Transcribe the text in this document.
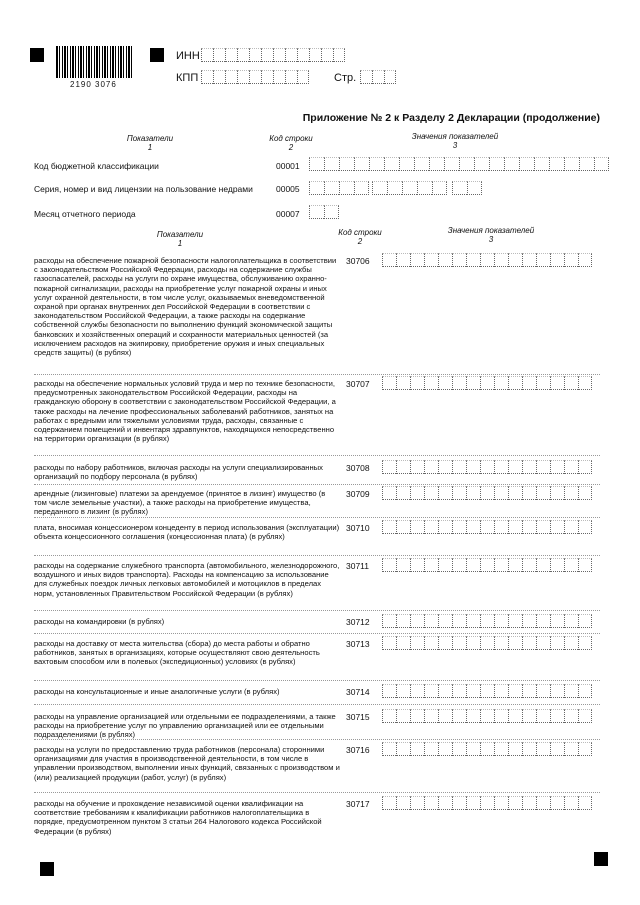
2190 3076
ИНН
КПП	Стр.
Приложение № 2 к Разделу 2 Декларации (продолжение)
Показатели
1
Код строки
2
Значения показателей
3
Код бюджетной классификации	00001
Серия, номер и вид лицензии на пользование недрами	00005
Месяц отчетного периода	00007
Показатели
1
Код строки
2
Значения показателей
3
расходы на обеспечение пожарной безопасности налогоплательщика в соответствии с законодательством Российской Федерации, расходы на содержание службы газоспасателей, расходы на услуги по охране имущества, обслуживанию охранно-пожарной сигнализации, расходы на приобретение услуг пожарной охраны и иных услуг охранной деятельности, в том числе услуг, оказываемых вневедомственной охраной при органах внутренних дел Российской Федерации в соответствии с законодательством Российской Федерации, а также расходы на содержание собственной службы безопасности по выполнению функций экономической защиты банковских и хозяйственных операций и сохранности материальных ценностей (за исключением расходов на экипировку, приобретение оружия и иных специальных средств защиты) (в рублях)
30706
расходы на обеспечение нормальных условий труда и мер по технике безопасности, предусмотренных законодательством Российской Федерации, расходы на гражданскую оборону в соответствии с законодательством Российской Федерации, а также расходы на лечение профессиональных заболеваний работников, занятых на работах с вредными или тяжелыми условиями труда, расходы, связанные с содержанием помещений и инвентаря здравпунктов, находящихся непосредственно на территории организации (в рублях)
30707
расходы по набору работников, включая расходы на услуги специализированных организаций по подбору персонала (в рублях)
30708
арендные (лизинговые) платежи за арендуемое (принятое в лизинг) имущество (в том числе земельные участки), а также расходы на приобретение имущества, переданного в лизинг (в рублях)
30709
плата, вносимая концессионером концеденту в период использования (эксплуатации) объекта концессионного соглашения (концессионная плата) (в рублях)
30710
расходы на содержание служебного транспорта (автомобильного, железнодорожного, воздушного и иных видов транспорта). Расходы на компенсацию за использование для служебных поездок личных легковых автомобилей и мотоциклов в пределах норм, установленных Правительством Российской Федерации (в рублях)
30711
расходы на командировки (в рублях)	30712
расходы на доставку от места жительства (сбора) до места работы и обратно работников, занятых в организациях, которые осуществляют свою деятельность вахтовым способом или в полевых (экспедиционных) условиях (в рублях)
30713
расходы на консультационные и иные аналогичные услуги (в рублях)	30714
расходы на управление организацией или отдельными ее подразделениями, а также расходы на приобретение услуг по управлению организацией или ее отдельными подразделениями (в рублях)
30715
расходы на услуги по предоставлению труда работников (персонала) сторонними организациями для участия в производственной деятельности, в том числе в управлении производством, выполнении иных функций, связанных с производством и (или) реализацией продукции (работ, услуг) (в рублях)
30716
расходы на обучение и прохождение независимой оценки квалификации на соответствие требованиям к квалификации работников налогоплательщика в порядке, предусмотренном пунктом 3 статьи 264 Налогового кодекса Российской Федерации (в рублях)
30717
